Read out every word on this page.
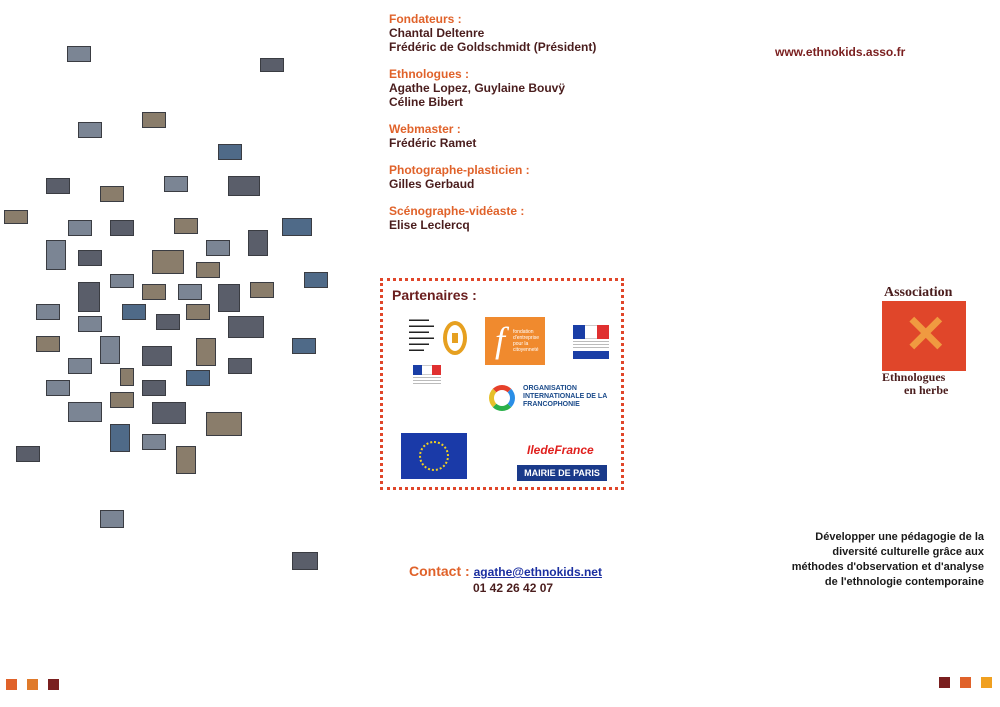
Fondateurs :
Chantal Deltenre
Frédéric de Goldschmidt (Président)
Ethnologues :
Agathe Lopez, Guylaine Bouvÿ
Céline Bibert
Webmaster :
Frédéric Ramet
Photographe-plasticien :
Gilles Gerbaud
Scénographe-vidéaste :
Elise Leclercq
www.ethnokids.asso.fr
Partenaires :
▬▬▬▬
▬▬▬▬▬
▬▬▬▬
▬▬▬▬▬
▬▬▬▬
▬▬▬	f fondation d'entreprise pour la citoyenneté
ORGANISATION INTERNATIONALE DE LA FRANCOPHONIE
IledeFrance
MAIRIE DE PARIS
Contact : agathe@ethnokids.net
01 42 26 42 07
Association
✕
Ethnologues
en herbe
Développer une pédagogie de la diversité culturelle grâce aux méthodes d'observation et d'analyse de l'ethnologie contemporaine
